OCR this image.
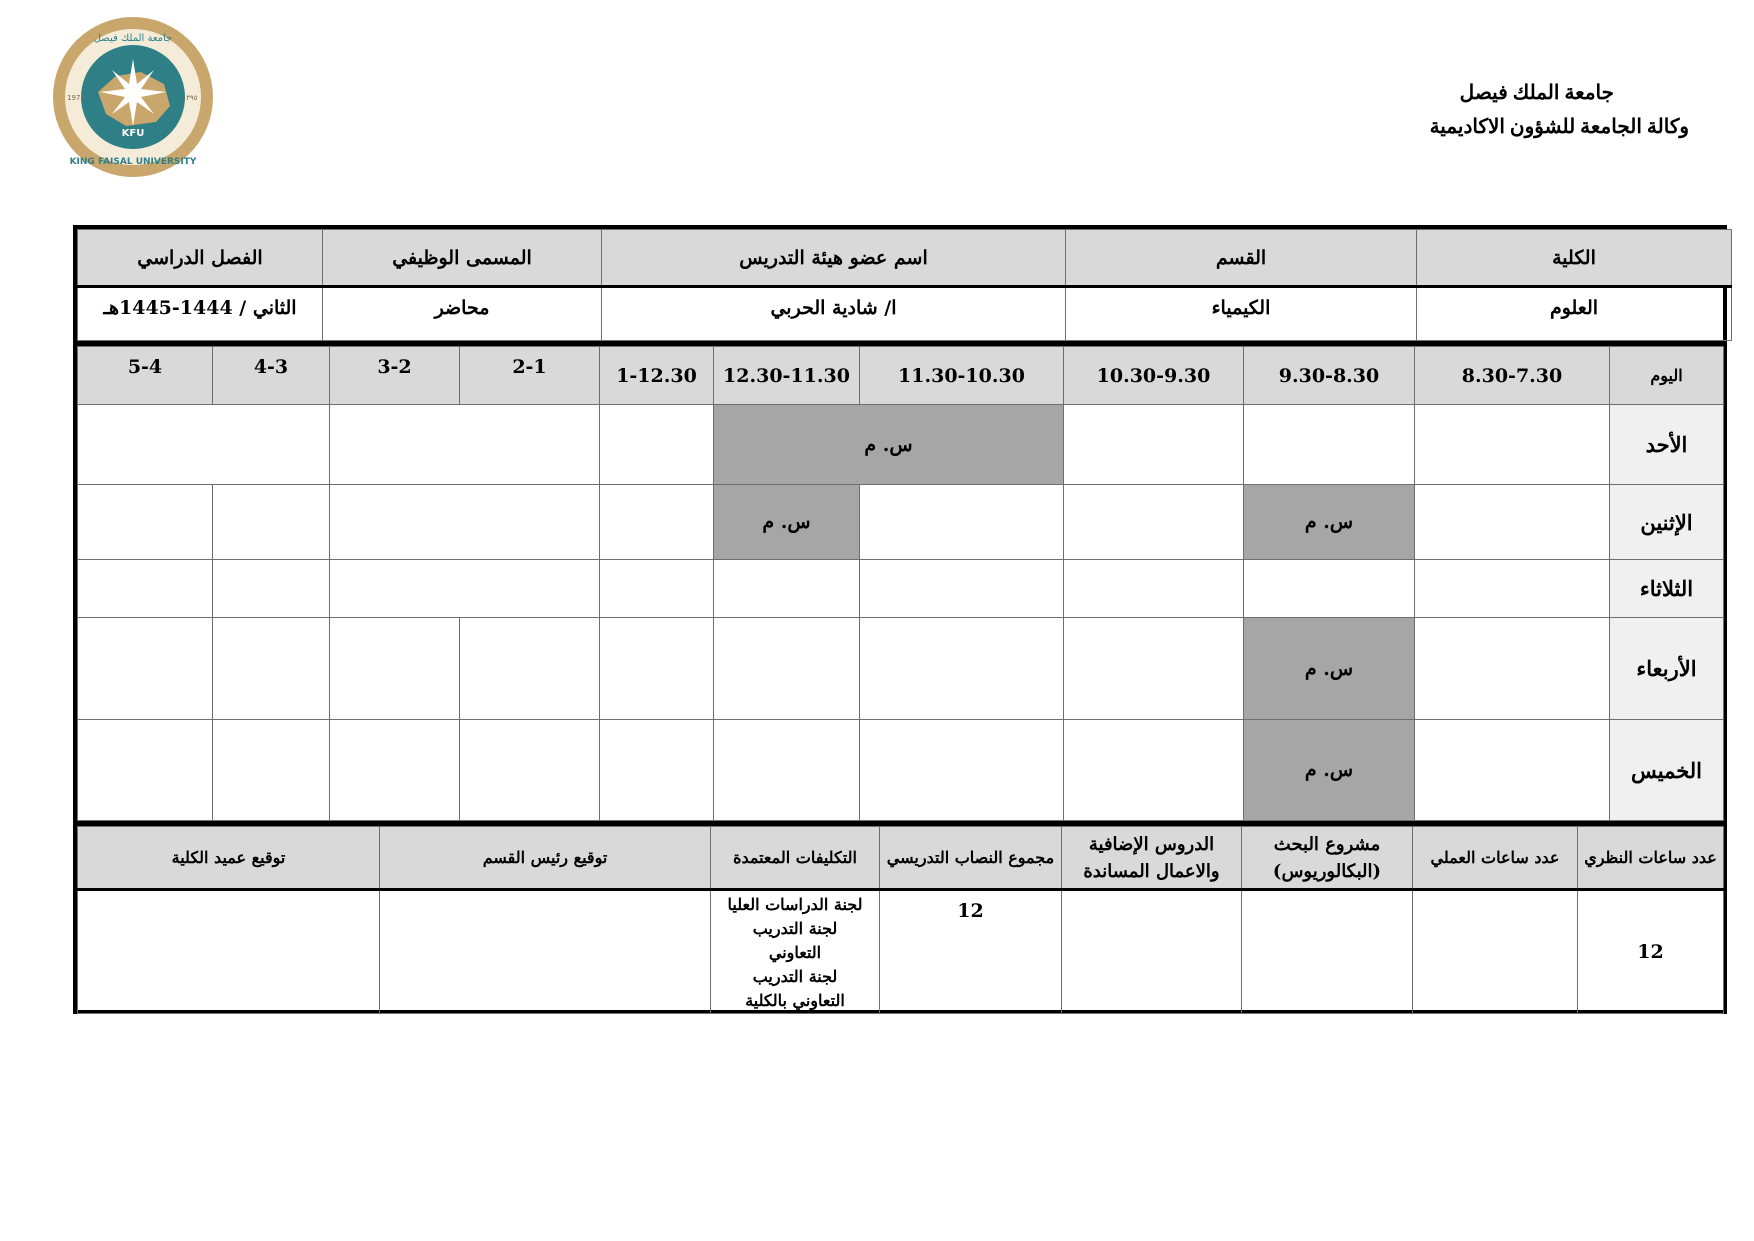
KFU
جامعة الملك فيصل
KING FAISAL UNIVERSITY
1975	١٣٩٥	جامعة الملك فيصل
وكالة الجامعة للشؤون الاكاديمية
الكلية	القسم	اسم عضو هيئة التدريس	المسمى الوظيفي	الفصل الدراسي
العلوم	الكيمياء	ا/ شادية الحربي	محاضر	الثاني / 1444-1445هـ
اليوم	8.30-7.30	9.30-8.30	10.30-9.30	11.30-10.30	12.30-11.30	1-12.30	2-1	3-2	4-3	5-4
الأحد				س. م						
الإثنين		س. م			س. م					
الثلاثاء										
الأربعاء		س. م								
الخميس		س. م								
عدد ساعات النظري	عدد ساعات العملي	مشروع البحث (البكالوريوس)	الدروس الإضافية والاعمال المساندة	مجموع النصاب التدريسي	التكليفات المعتمدة	توقيع رئيس القسم	توقيع عميد الكلية
12				12	لجنة الدراسات العليا
لجنة التدريب
التعاوني
لجنة التدريب
التعاوني بالكلية		
